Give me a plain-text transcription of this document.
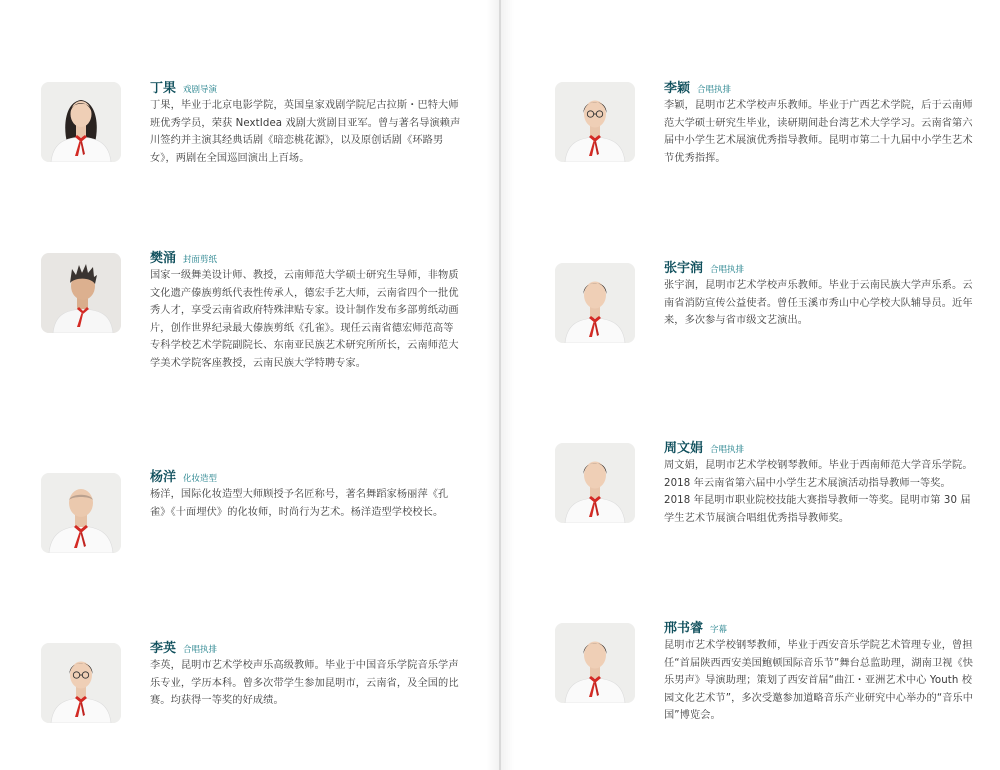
丁果 戏剧导演
丁果，毕业于北京电影学院，英国皇家戏剧学院尼古拉斯・巴特大师班优秀学员，荣获 NextIdea 戏剧大赏剧目亚军。曾与著名导演赖声川签约并主演其经典话剧《暗恋桃花源》，以及原创话剧《环路男女》，两剧在全国巡回演出上百场。
樊涌 封面剪纸
国家一级舞美设计师、教授，云南师范大学硕士研究生导师，非物质文化遗产傣族剪纸代表性传承人，德宏手艺大师，云南省四个一批优秀人才，享受云南省政府特殊津贴专家。设计制作发布多部剪纸动画片，创作世界纪录最大傣族剪纸《孔雀》。现任云南省德宏师范高等专科学校艺术学院副院长、东南亚民族艺术研究所所长，云南师范大学美术学院客座教授，云南民族大学特聘专家。
杨洋 化妆造型
杨洋，国际化妆造型大师顾授予名匠称号，著名舞蹈家杨丽萍《孔雀》《十面埋伏》的化妆师，时尚行为艺术。杨洋造型学校校长。
李英 合唱执排
李英，昆明市艺术学校声乐高级教师。毕业于中国音乐学院音乐学声乐专业，学历本科。曾多次带学生参加昆明市，云南省，及全国的比赛。均获得一等奖的好成绩。
李颖 合唱执排
李颖，昆明市艺术学校声乐教师。毕业于广西艺术学院，后于云南师范大学硕士研究生毕业，读研期间赴台湾艺术大学学习。云南省第六届中小学生艺术展演优秀指导教师。昆明市第二十九届中小学生艺术节优秀指挥。
张宇润 合唱执排
张宇润，昆明市艺术学校声乐教师。毕业于云南民族大学声乐系。云南省消防宣传公益使者。曾任玉溪市秀山中心学校大队辅导员。近年来，多次参与省市级文艺演出。
周文娟 合唱执排
周文娟，昆明市艺术学校钢琴教师。毕业于西南师范大学音乐学院。2018 年云南省第六届中小学生艺术展演活动指导教师一等奖。2018 年昆明市职业院校技能大赛指导教师一等奖。昆明市第 30 届学生艺术节展演合唱组优秀指导教师奖。
邢书睿 字幕
昆明市艺术学校钢琴教师，毕业于西安音乐学院艺术管理专业，曾担任“首届陕西西安美国鲍顿国际音乐节”舞台总监助理，湖南卫视《快乐男声》导演助理；策划了西安首届“曲江・亚洲艺术中心 Youth 校园文化艺术节”，多次受邀参加道略音乐产业研究中心举办的“音乐中国”博览会。
